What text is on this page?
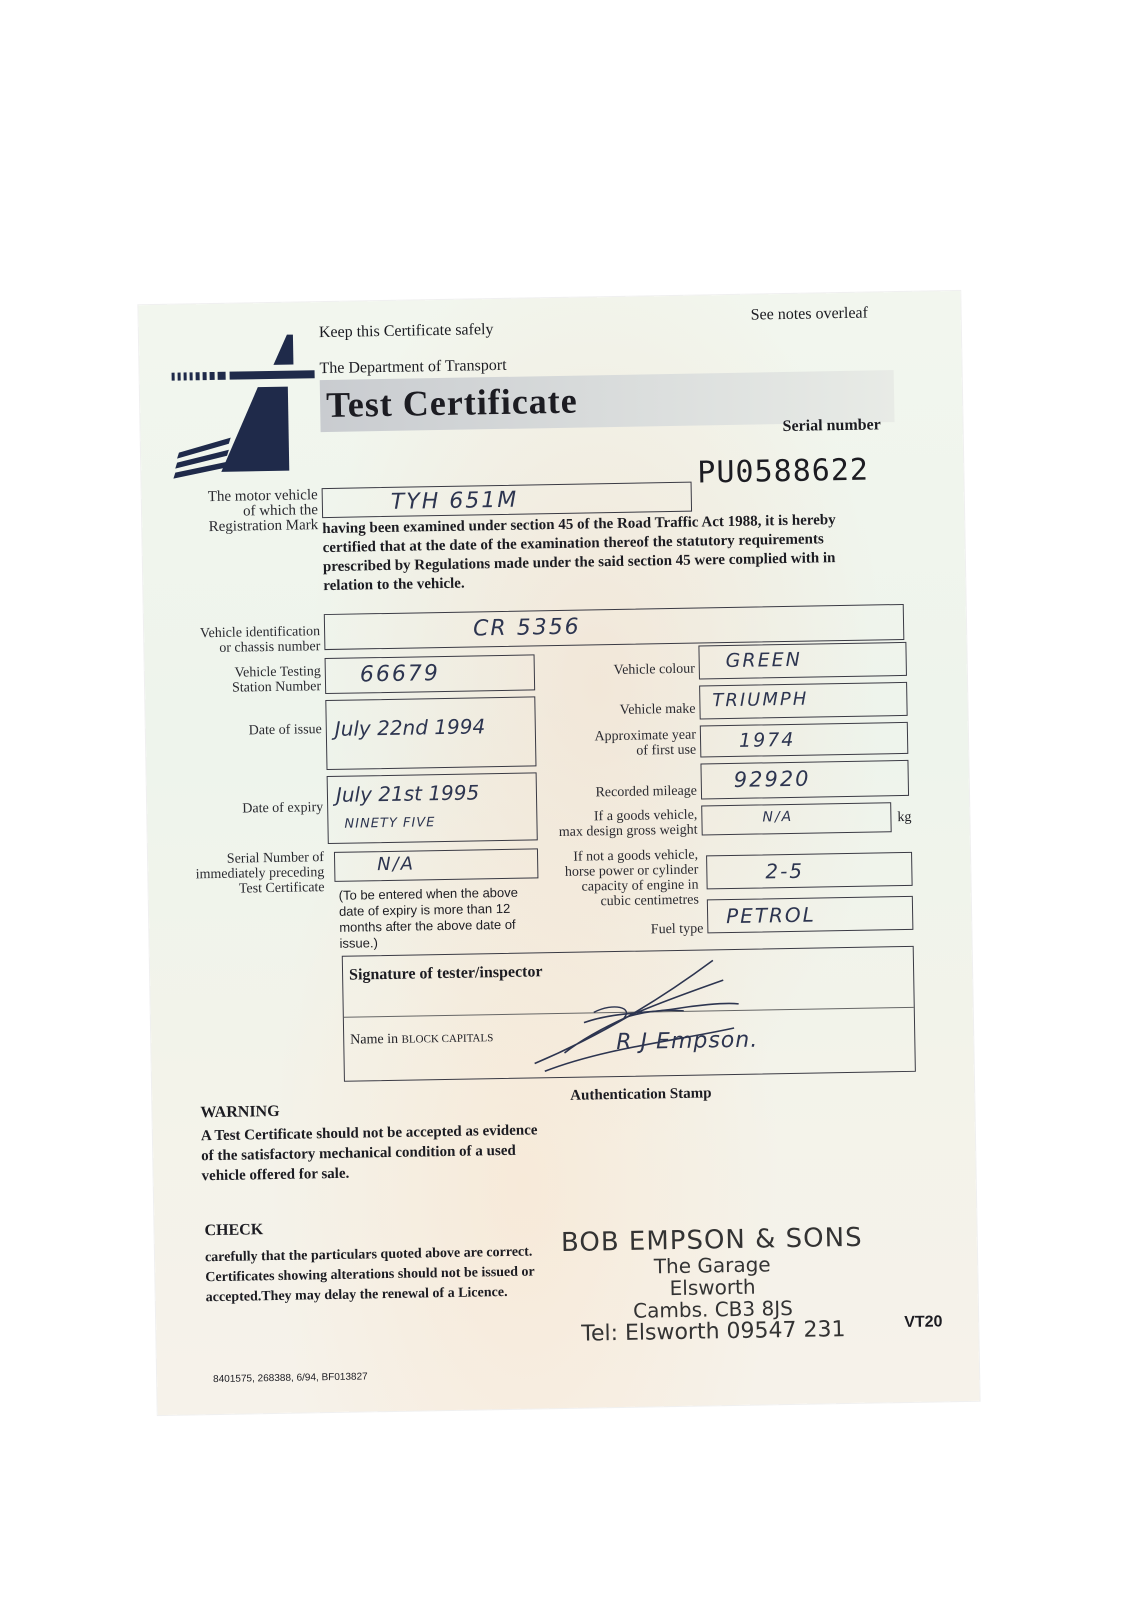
Keep this Certificate safely
See notes overleaf
The Department of Transport
Test Certificate
Serial number
PU0588622
The motor vehicle
of which the
Registration Mark
TYH 651M
having been examined under section 45 of the Road Traffic Act 1988, it is hereby certified that at the date of the examination thereof the statutory requirements prescribed by Regulations made under the said section 45 were complied with in relation to the vehicle.
Vehicle identification
or chassis number
CR 5356
Vehicle Testing
Station Number 66679
Date of issue July 22nd 1994
Date of expiry
July 21st 1995
NINETY FIVE
Serial Number of
immediately preceding
Test Certificate
N/A
(To be entered when the above date of expiry is more than 12 months after the above date of issue.)
Vehicle colour GREEN
Vehicle make TRIUMPH
Approximate year
of first use 1974
Recorded mileage
92920
If a goods vehicle,
max design gross weight
N/A	kg
If not a goods vehicle,
horse power or cylinder
capacity of engine in
cubic centimetres
2-5
Fuel type
PETROL
Signature of tester/inspector
Name in BLOCK CAPITALS	R J Empson.
Authentication Stamp
WARNING
A Test Certificate should not be accepted as evidence of the satisfactory mechanical condition of a used vehicle offered for sale.
CHECK
carefully that the particulars quoted above are correct. Certificates showing alterations should not be issued or accepted.They may delay the renewal of a Licence.
BOB EMPSON & SONS
The Garage
Elsworth
Cambs. CB3 8JS
Tel: Elsworth 09547 231	VT20
8401575, 268388, 6/94, BF013827
